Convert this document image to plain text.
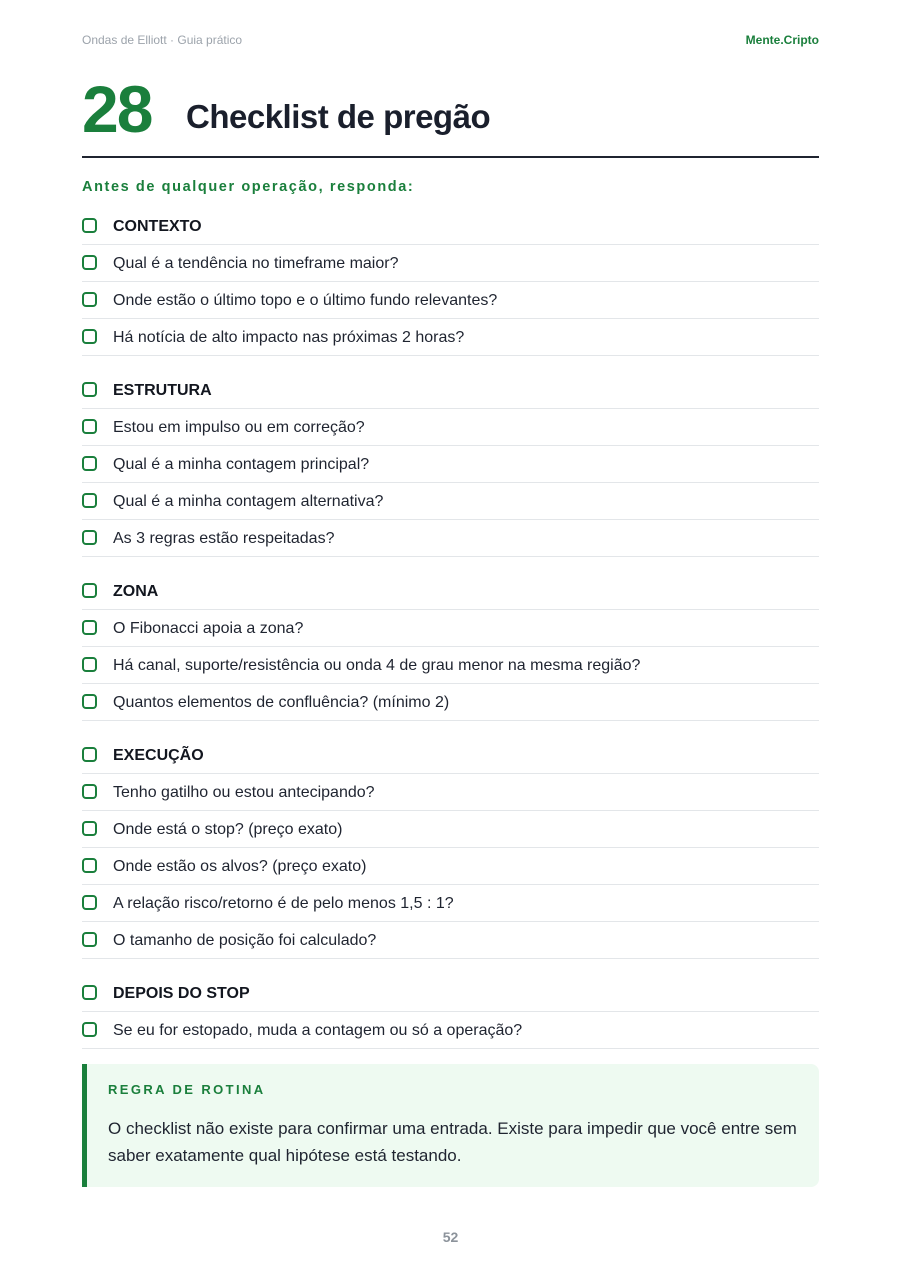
Ondas de Elliott · Guia prático	Mente.Cripto
28 Checklist de pregão
Antes de qualquer operação, responda:
CONTEXTO
Qual é a tendência no timeframe maior?
Onde estão o último topo e o último fundo relevantes?
Há notícia de alto impacto nas próximas 2 horas?
ESTRUTURA
Estou em impulso ou em correção?
Qual é a minha contagem principal?
Qual é a minha contagem alternativa?
As 3 regras estão respeitadas?
ZONA
O Fibonacci apoia a zona?
Há canal, suporte/resistência ou onda 4 de grau menor na mesma região?
Quantos elementos de confluência? (mínimo 2)
EXECUÇÃO
Tenho gatilho ou estou antecipando?
Onde está o stop? (preço exato)
Onde estão os alvos? (preço exato)
A relação risco/retorno é de pelo menos 1,5 : 1?
O tamanho de posição foi calculado?
DEPOIS DO STOP
Se eu for estopado, muda a contagem ou só a operação?
REGRA DE ROTINA
O checklist não existe para confirmar uma entrada. Existe para impedir que você entre sem saber exatamente qual hipótese está testando.
52
